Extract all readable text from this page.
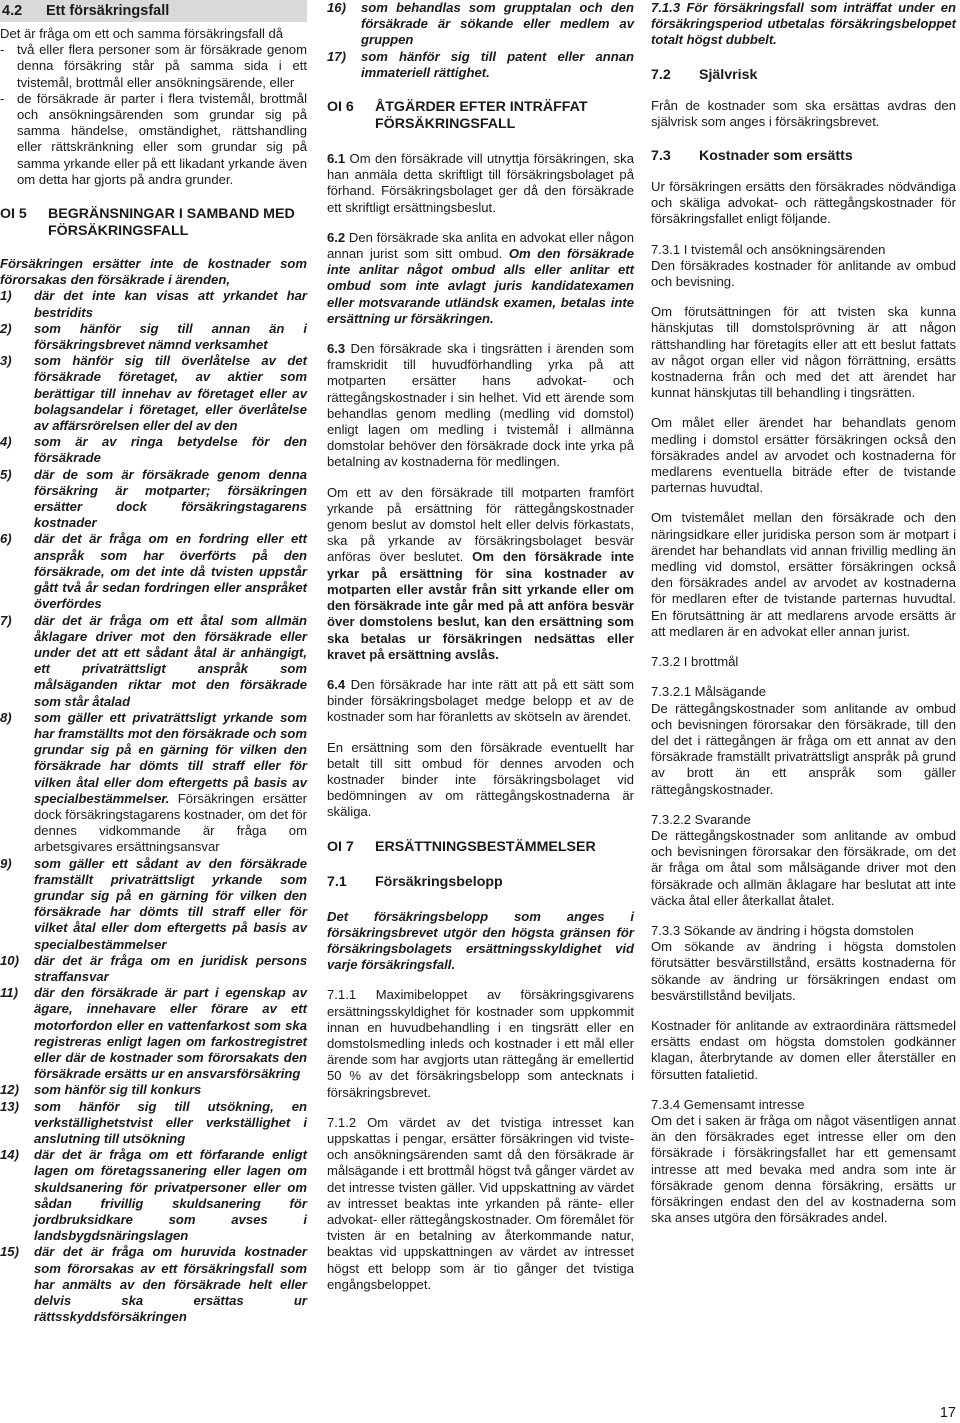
4.2	Ett försäkringsfall

Det är fråga om ett och samma försäkringsfall då

- två eller flera personer som är försäkrade genom denna försäkring står på samma sida i ett tvistemål, brottmål eller ansökningsärende, eller
- de försäkrade är parter i flera tvistemål, brottmål och ansökningsärenden som grundar sig på samma händelse, omständighet, rättshandling eller rättskränkning eller som grundar sig på samma yrkande eller på ett likadant yrkande även om detta har gjorts på andra grunder.
OI 5	BEGRÄNSNINGAR I SAMBAND MED FÖRSÄKRINGSFALL

Försäkringen ersätter inte de kostnader som förorsakas den försäkrade i ärenden,

1)	där det inte kan visas att yrkandet har bestridits
2)	som hänför sig till annan än i försäkringsbrevet nämnd verksamhet
3)	som hänför sig till överlåtelse av det försäkrade företaget, av aktier som berättigar till innehav av företaget eller av bolagsandelar i företaget, eller överlåtelse av affärsrörelsen eller del av den
4)	som är av ringa betydelse för den försäkrade
5)	där de som är försäkrade genom denna försäkring är motparter; försäkringen ersätter dock försäkringstagarens kostnader
6)	där det är fråga om en fordring eller ett anspråk som har överförts på den försäkrade, om det inte då tvisten uppstår gått två år sedan fordringen eller anspråket överfördes
7)	där det är fråga om ett åtal som allmän åklagare driver mot den försäkrade eller under det att ett sådant åtal är anhängigt, ett privaträttsligt anspråk som målsäganden riktar mot den försäkrade som står åtalad
8)	som gäller ett privaträttsligt yrkande som har framställts mot den försäkrade och som grundar sig på en gärning för vilken den försäkrade har dömts till straff eller för vilken åtal eller dom eftergetts på basis av specialbestämmelser. Försäkringen ersätter dock försäkringstagarens kostnader, om det för dennes vidkommande är fråga om arbetsgivares ersättningsansvar
9)	som gäller ett sådant av den försäkrade framställt privaträttsligt yrkande som grundar sig på en gärning för vilken den försäkrade har dömts till straff eller för vilket åtal eller dom eftergetts på basis av specialbestämmelser
10)	där det är fråga om en juridisk persons straffansvar
11)	där den försäkrade är part i egenskap av ägare, innehavare eller förare av ett motorfordon eller en vattenfarkost som ska registreras enligt lagen om farkostregistret eller där de kostnader som förorsakats den försäkrade ersätts ur en ansvarsförsäkring
12)	som hänför sig till konkurs
13)	som hänför sig till utsökning, en verkställighetstvist eller verkställighet i anslutning till utsökning
14)	där det är fråga om ett förfarande enligt lagen om företagssanering eller lagen om skuldsanering för privatpersoner eller om sådan frivillig skuldsanering för jordbruksidkare som avses i landsbygdsnäringslagen
15)	där det är fråga om huruvida kostnader som förorsakas av ett försäkringsfall som har anmälts av den försäkrade helt eller delvis ska ersättas ur rättsskyddsförsäkringen
16)	som behandlas som grupptalan och den försäkrade är sökande eller medlem av gruppen
17)	som hänför sig till patent eller annan immateriell rättighet.
OI 6	ÅTGÄRDER EFTER INTRÄFFAT FÖRSÄKRINGSFALL

6.1 Om den försäkrade vill utnyttja försäkringen, ska han anmäla detta skriftligt till försäkringsbolaget på förhand. Försäkringsbolaget ger då den försäkrade ett skriftligt ersättningsbeslut.

6.2 Den försäkrade ska anlita en advokat eller någon annan jurist som sitt ombud. Om den försäkrade inte anlitar något ombud alls eller anlitar ett ombud som inte avlagt juris kandidatexamen eller motsvarande utländsk examen, betalas inte ersättning ur försäkringen.

6.3 Den försäkrade ska i tingsrätten i ärenden som framskridit till huvudförhandling yrka på att motparten ersätter hans advokat- och rättegångskostnader i sin helhet. Vid ett ärende som behandlas genom medling (medling vid domstol) enligt lagen om medling i tvistemål i allmänna domstolar behöver den försäkrade dock inte yrka på betalning av kostnaderna för medlingen.

Om ett av den försäkrade till motparten framfört yrkande på ersättning för rättegångskostnader genom beslut av domstol helt eller delvis förkastats, ska på yrkande av försäkringsbolaget besvär anföras över beslutet. Om den försäkrade inte yrkar på ersättning för sina kostnader av motparten eller avstår från sitt yrkande eller om den försäkrade inte går med på att anföra besvär över domstolens beslut, kan den ersättning som ska betalas ur försäkringen nedsättas eller kravet på ersättning avslås.

6.4 Den försäkrade har inte rätt att på ett sätt som binder försäkringsbolaget medge belopp et av de kostnader som har föranletts av skötseln av ärendet.

En ersättning som den försäkrade eventuellt har betalt till sitt ombud för dennes arvoden och kostnader binder inte försäkringsbolaget vid bedömningen av om rättegångskostnaderna är skäliga.

OI 7	ERSÄTTNINGSBESTÄMMELSER
7.1	Försäkringsbelopp

Det försäkringsbelopp som anges i försäkringsbrevet utgör den högsta gränsen för försäkringsbolagets ersättningsskyldighet vid varje försäkringsfall.

7.1.1 Maximibeloppet av försäkringsgivarens ersättningsskyldighet för kostnader som uppkommit innan en huvudbehandling i en tingsrätt eller en domstolsmedling inleds och kostnader i ett mål eller ärende som har avgjorts utan rättegång är emellertid 50 % av det försäkringsbelopp som antecknats i försäkringsbrevet.

7.1.2 Om värdet av det tvistiga intresset kan uppskattas i pengar, ersätter försäkringen vid tviste- och ansökningsärenden samt då den försäkrade är målsägande i ett brottmål högst två gånger värdet av det intresse tvisten gäller. Vid uppskattning av värdet av intresset beaktas inte yrkanden på ränte- eller advokat- eller rättegångskostnader. Om föremålet för tvisten är en betalning av återkommande natur, beaktas vid uppskattningen av värdet av intresset högst ett belopp som är tio gånger det tvistiga engångsbeloppet.

7.1.3 För försäkringsfall som inträffat under en försäkringsperiod utbetalas försäkringsbeloppet totalt högst dubbelt.

7.2	Självrisk

Från de kostnader som ska ersättas avdras den självrisk som anges i försäkringsbrevet.

7.3	Kostnader som ersätts

Ur försäkringen ersätts den försäkrades nödvändiga och skäliga advokat- och rättegångskostnader för försäkringsfallet enligt följande.

7.3.1 I tvistemål och ansökningsärenden

Den försäkrades kostnader för anlitande av ombud och bevisning.

Om förutsättningen för att tvisten ska kunna hänskjutas till domstolsprövning är att någon rättshandling har företagits eller att ett beslut fattats av något organ eller vid någon förrättning, ersätts kostnaderna från och med det att ärendet har kunnat hänskjutas till behandling i tingsrätten.

Om målet eller ärendet har behandlats genom medling i domstol ersätter försäkringen också den försäkrades andel av arvodet och kostnaderna för medlarens eventuella biträde efter de tvistande parternas huvudtal.

Om tvistemålet mellan den försäkrade och den näringsidkare eller juridiska person som är motpart i ärendet har behandlats vid annan frivillig medling än medling vid domstol, ersätter försäkringen också den försäkrades andel av arvodet av kostnaderna för medlaren efter de tvistande parternas huvudtal. En förutsättning är att medlarens arvode ersätts är att medlaren är en advokat eller annan jurist.

7.3.2 I brottmål

7.3.2.1 Målsägande

De rättegångskostnader som anlitande av ombud och bevisningen förorsakar den försäkrade, till den del det i rättegången är fråga om ett annat av den försäkrade framställt privaträttsligt anspråk på grund av brott än ett anspråk som gäller rättegångskostnader.

7.3.2.2 Svarande

De rättegångskostnader som anlitande av ombud och bevisningen förorsakar den försäkrade, om det är fråga om åtal som målsägande driver mot den försäkrade och allmän åklagare har beslutat att inte väcka åtal eller återkallat åtalet.

7.3.3 Sökande av ändring i högsta domstolen

Om sökande av ändring i högsta domstolen förutsätter besvärstillstånd, ersätts kostnaderna för sökande av ändring ur försäkringen endast om besvärstillstånd beviljats.

Kostnader för anlitande av extraordinära rättsmedel ersätts endast om högsta domstolen godkänner klagan, återbrytande av domen eller återställer en försutten fatalietid.

7.3.4 Gemensamt intresse

Om det i saken är fråga om något väsentligen annat än den försäkrades eget intresse eller om den försäkrade i försäkringsfallet har ett gemensamt intresse att med bevaka med andra som inte är försäkrade genom denna försäkring, ersätts ur försäkringen endast den del av kostnaderna som ska anses utgöra den försäkrades andel.

17
